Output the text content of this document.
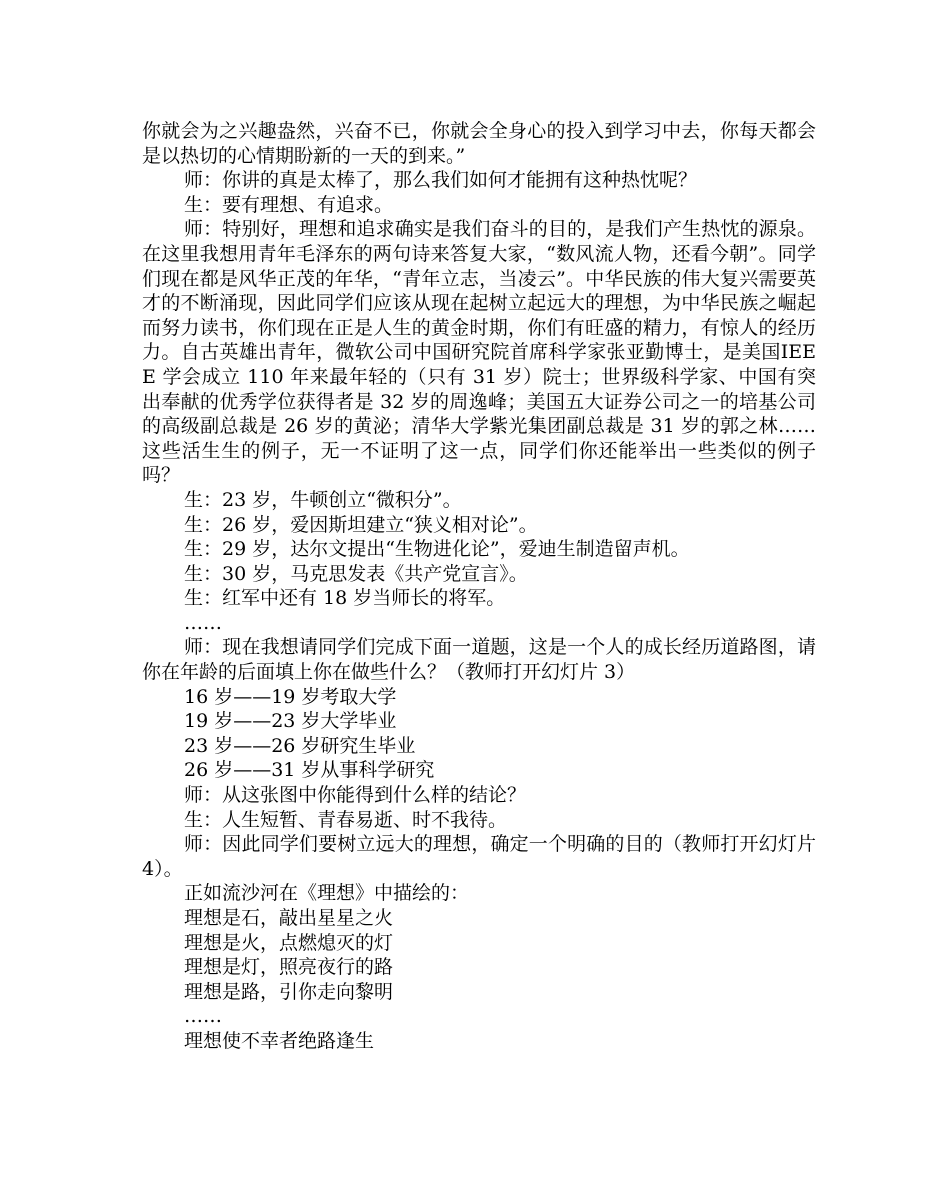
你就会为之兴趣盎然，兴奋不已，你就会全身心的投入到学习中去，你每天都会是以热切的心情期盼新的一天的到来。”

师：你讲的真是太棒了，那么我们如何才能拥有这种热忱呢？

生：要有理想、有追求。

师：特别好，理想和追求确实是我们奋斗的目的，是我们产生热忱的源泉。在这里我想用青年毛泽东的两句诗来答复大家，“数风流人物，还看今朝”。同学们现在都是风华正茂的年华，“青年立志，当凌云”。中华民族的伟大复兴需要英才的不断涌现，因此同学们应该从现在起树立起远大的理想，为中华民族之崛起而努力读书，你们现在正是人生的黄金时期，你们有旺盛的精力，有惊人的经历力。自古英雄出青年，微软公司中国研究院首席科学家张亚勤博士，是美国IEEE 学会成立 110 年来最年轻的（只有 31 岁）院士；世界级科学家、中国有突出奉献的优秀学位获得者是 32 岁的周逸峰；美国五大证券公司之一的培基公司的高级副总裁是 26 岁的黄泌；清华大学紫光集团副总裁是 31 岁的郭之林……这些活生生的例子，无一不证明了这一点，同学们你还能举出一些类似的例子吗？

生：23 岁，牛顿创立“微积分”。

生：26 岁，爱因斯坦建立“狭义相对论”。

生：29 岁，达尔文提出“生物进化论”，爱迪生制造留声机。

生：30 岁，马克思发表《共产党宣言》。

生：红军中还有 18 岁当师长的将军。

……

师：现在我想请同学们完成下面一道题，这是一个人的成长经历道路图，请你在年龄的后面填上你在做些什么？（教师打开幻灯片 3）

16 岁——19 岁考取大学

19 岁——23 岁大学毕业

23 岁——26 岁研究生毕业

26 岁——31 岁从事科学研究

师：从这张图中你能得到什么样的结论？

生：人生短暂、青春易逝、时不我待。

师：因此同学们要树立远大的理想，确定一个明确的目的（教师打开幻灯片 4）。

正如流沙河在《理想》中描绘的：

理想是石，敲出星星之火

理想是火，点燃熄灭的灯

理想是灯，照亮夜行的路

理想是路，引你走向黎明

……

理想使不幸者绝路逢生
